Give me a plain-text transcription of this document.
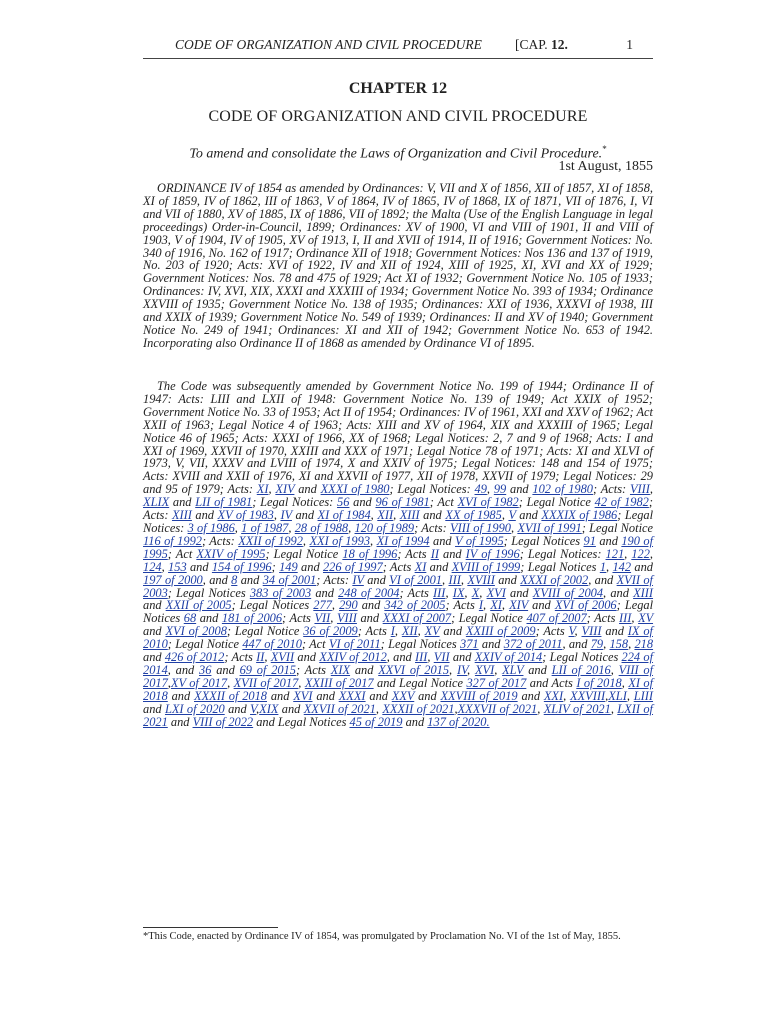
CODE OF ORGANIZATION AND CIVIL PROCEDURE [CAP. 12.	1
CHAPTER 12
CODE OF ORGANIZATION AND CIVIL PROCEDURE
To amend and consolidate the Laws of Organization and Civil Procedure.*
1st August, 1855

ORDINANCE IV of 1854 as amended by Ordinances: V, VII and X of 1856, XII of 1857, XI of 1858, XI of 1859, IV of 1862, III of 1863, V of 1864, IV of 1865, IV of 1868, IX of 1871, VII of 1876, I, VI and VII of 1880, XV of 1885, IX of 1886, VII of 1892; the Malta (Use of the English Language in legal proceedings) Order-in-Council, 1899; Ordinances: XV of 1900, VI and VIII of 1901, II and VIII of 1903, V of 1904, IV of 1905, XV of 1913, I, II and XVII of 1914, II of 1916; Government Notices: No. 340 of 1916, No. 162 of 1917; Ordinance XII of 1918; Government Notices: Nos 136 and 137 of 1919, No. 203 of 1920; Acts: XVI of 1922, IV and XII of 1924, XIII of 1925, XI, XVI and XX of 1929; Government Notices: Nos. 78 and 475 of 1929; Act XI of 1932; Government Notice No. 105 of 1933; Ordinances: IV, XVI, XIX, XXXI and XXXIII of 1934; Government Notice No. 393 of 1934; Ordinance XXVIII of 1935; Government Notice No. 138 of 1935; Ordinances: XXI of 1936, XXXVI of 1938, III and XXIX of 1939; Government Notice No. 549 of 1939; Ordinances: II and XV of 1940; Government Notice No. 249 of 1941; Ordinances: XI and XII of 1942; Government Notice No. 653 of 1942. Incorporating also Ordinance II of 1868 as amended by Ordinance VI of 1895.

The Code was subsequently amended by Government Notice No. 199 of 1944; Ordinance II of 1947: Acts: LIII and LXII of 1948: Government Notice No. 139 of 1949; Act XXIX of 1952; Government Notice No. 33 of 1953; Act II of 1954; Ordinances: IV of 1961, XXI and XXV of 1962; Act XXII of 1963; Legal Notice 4 of 1963; Acts: XIII and XV of 1964, XIX and XXXIII of 1965; Legal Notice 46 of 1965; Acts: XXXI of 1966, XX of 1968; Legal Notices: 2, 7 and 9 of 1968; Acts: I and XXI of 1969, XXVII of 1970, XXIII and XXX of 1971; Legal Notice 78 of 1971; Acts: XI and XLVI of 1973, V, VII, XXXV and LVIII of 1974, X and XXIV of 1975; Legal Notices: 148 and 154 of 1975; Acts: XVIII and XXII of 1976, XI and XXVII of 1977, XII of 1978, XXVII of 1979; Legal Notices: 29 and 95 of 1979; Acts: XI, XIV and XXXI of 1980; Legal Notices: 49, 99 and 102 of 1980; Acts: VIII, XLIX and LII of 1981; Legal Notices: 56 and 96 of 1981; Act XVI of 1982; Legal Notice 42 of 1982; Acts: XIII and XV of 1983, IV and XI of 1984, XII, XIII and XX of 1985, V and XXXIX of 1986; Legal Notices: 3 of 1986, 1 of 1987, 28 of 1988, 120 of 1989; Acts: VIII of 1990, XVII of 1991; Legal Notice 116 of 1992; Acts: XXII of 1992, XXI of 1993, XI of 1994 and V of 1995; Legal Notices 91 and 190 of 1995; Act XXIV of 1995; Legal Notice 18 of 1996; Acts II and IV of 1996; Legal Notices: 121, 122, 124, 153 and 154 of 1996; 149 and 226 of 1997; Acts XI and XVIII of 1999; Legal Notices 1, 142 and 197 of 2000, and 8 and 34 of 2001; Acts: IV and VI of 2001, III, XVIII and XXXI of 2002, and XVII of 2003; Legal Notices 383 of 2003 and 248 of 2004; Acts III, IX, X, XVI and XVIII of 2004, and XIII and XXII of 2005; Legal Notices 277, 290 and 342 of 2005; Acts I, XI, XIV and XVI of 2006; Legal Notices 68 and 181 of 2006; Acts VII, VIII and XXXI of 2007; Legal Notice 407 of 2007; Acts III, XV and XVI of 2008; Legal Notice 36 of 2009; Acts I, XII, XV and XXIII of 2009; Acts V, VIII and IX of 2010; Legal Notice 447 of 2010; Act VI of 2011; Legal Notices 371 and 372 of 2011, and 79, 158, 218 and 426 of 2012; Acts II, XVII and XXIV of 2012, and III, VII and XXIV of 2014; Legal Notices 224 of 2014, and 36 and 69 of 2015; Acts XIX and XXVI of 2015, IV, XVI, XLV and LII of 2016, VIII of 2017,XV of 2017, XVII of 2017, XXIII of 2017 and Legal Notice 327 of 2017 and Acts I of 2018, XI of 2018 and XXXII of 2018 and XVI and XXXI and XXV and XXVIII of 2019 and XXI, XXVIII,XLI, LIII and LXI of 2020 and V,XIX and XXVII of 2021, XXXII of 2021,XXXVII of 2021, XLIV of 2021, LXII of 2021 and VIII of 2022 and Legal Notices 45 of 2019 and 137 of 2020.

*This Code, enacted by Ordinance IV of 1854, was promulgated by Proclamation No. VI of the 1st of May, 1855.
